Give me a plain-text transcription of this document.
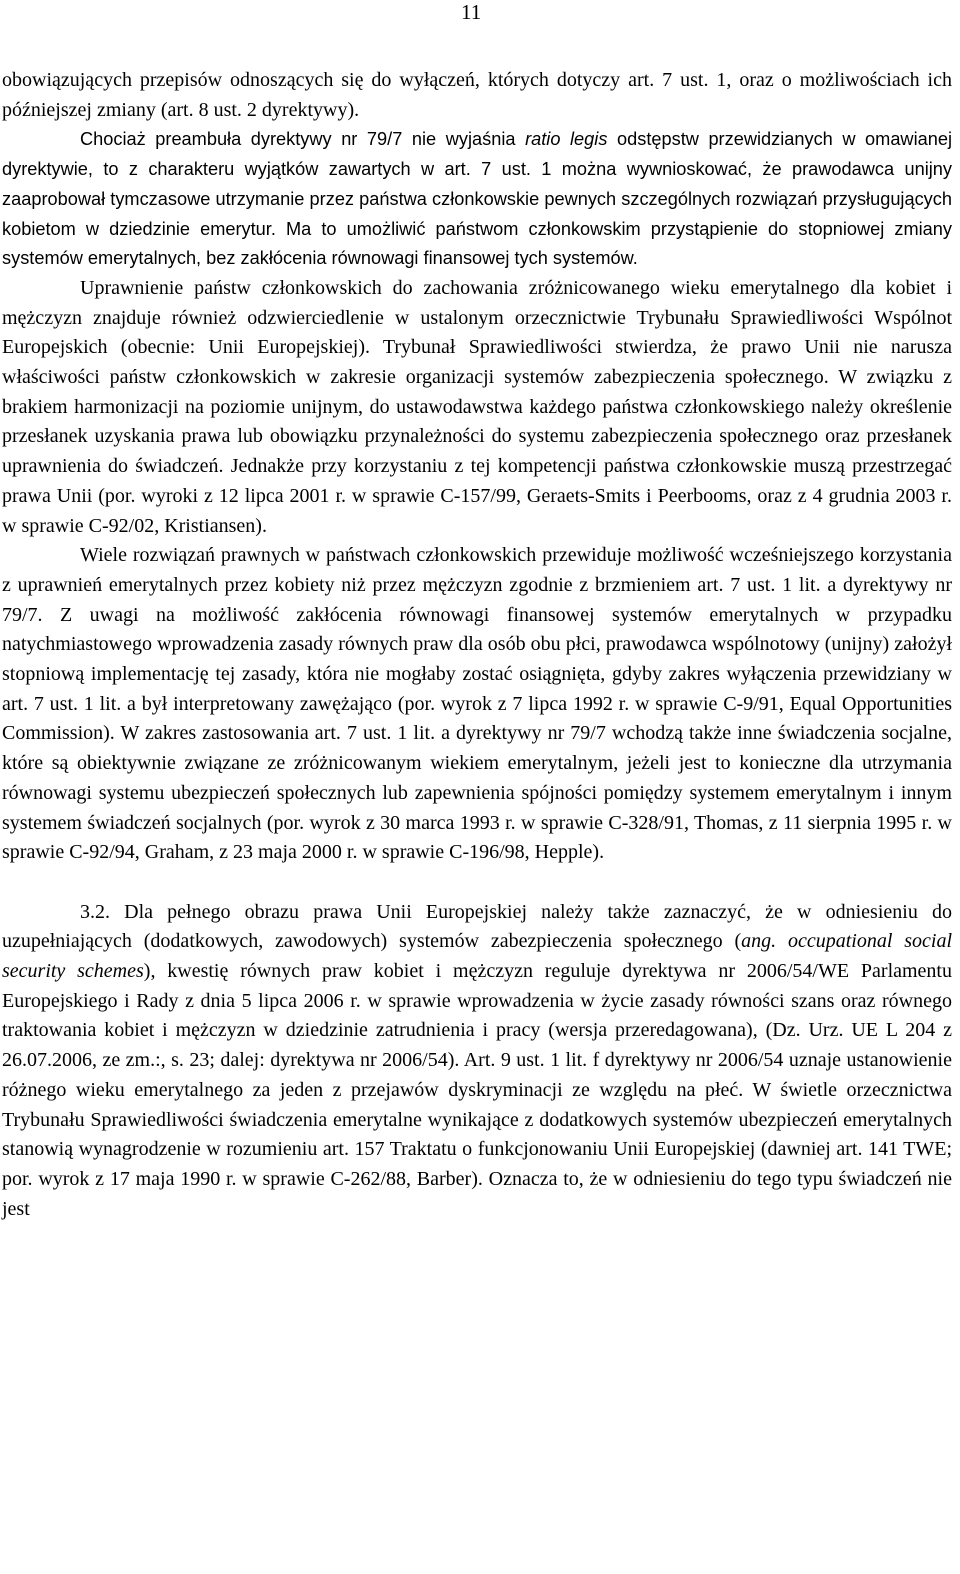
11

obowiązujących przepisów odnoszących się do wyłączeń, których dotyczy art. 7 ust. 1, oraz o możliwościach ich późniejszej zmiany (art. 8 ust. 2 dyrektywy).

Chociaż preambuła dyrektywy nr 79/7 nie wyjaśnia ratio legis odstępstw przewidzianych w omawianej dyrektywie, to z charakteru wyjątków zawartych w art. 7 ust. 1 można wywnioskować, że prawodawca unijny zaaprobował tymczasowe utrzymanie przez państwa członkowskie pewnych szczególnych rozwiązań przysługujących kobietom w dziedzinie emerytur. Ma to umożliwić państwom członkowskim przystąpienie do stopniowej zmiany systemów emerytalnych, bez zakłócenia równowagi finansowej tych systemów.

Uprawnienie państw członkowskich do zachowania zróżnicowanego wieku emerytalnego dla kobiet i mężczyzn znajduje również odzwierciedlenie w ustalonym orzecznictwie Trybunału Sprawiedliwości Wspólnot Europejskich (obecnie: Unii Europejskiej). Trybunał Sprawiedliwości stwierdza, że prawo Unii nie narusza właściwości państw członkowskich w zakresie organizacji systemów zabezpieczenia społecznego. W związku z brakiem harmonizacji na poziomie unijnym, do ustawodawstwa każdego państwa członkowskiego należy określenie przesłanek uzyskania prawa lub obowiązku przynależności do systemu zabezpieczenia społecznego oraz przesłanek uprawnienia do świadczeń. Jednakże przy korzystaniu z tej kompetencji państwa członkowskie muszą przestrzegać prawa Unii (por. wyroki z 12 lipca 2001 r. w sprawie C-157/99, Geraets-Smits i Peerbooms, oraz z 4 grudnia 2003 r. w sprawie C-92/02, Kristiansen).

Wiele rozwiązań prawnych w państwach członkowskich przewiduje możliwość wcześniejszego korzystania z uprawnień emerytalnych przez kobiety niż przez mężczyzn zgodnie z brzmieniem art. 7 ust. 1 lit. a dyrektywy nr 79/7. Z uwagi na możliwość zakłócenia równowagi finansowej systemów emerytalnych w przypadku natychmiastowego wprowadzenia zasady równych praw dla osób obu płci, prawodawca wspólnotowy (unijny) założył stopniową implementację tej zasady, która nie mogłaby zostać osiągnięta, gdyby zakres wyłączenia przewidziany w art. 7 ust. 1 lit. a był interpretowany zawężająco (por. wyrok z 7 lipca 1992 r. w sprawie C-9/91, Equal Opportunities Commission). W zakres zastosowania art. 7 ust. 1 lit. a dyrektywy nr 79/7 wchodzą także inne świadczenia socjalne, które są obiektywnie związane ze zróżnicowanym wiekiem emerytalnym, jeżeli jest to konieczne dla utrzymania równowagi systemu ubezpieczeń społecznych lub zapewnienia spójności pomiędzy systemem emerytalnym i innym systemem świadczeń socjalnych (por. wyrok z 30 marca 1993 r. w sprawie C-328/91, Thomas, z 11 sierpnia 1995 r. w sprawie C-92/94, Graham, z 23 maja 2000 r. w sprawie C-196/98, Hepple).

3.2. Dla pełnego obrazu prawa Unii Europejskiej należy także zaznaczyć, że w odniesieniu do uzupełniających (dodatkowych, zawodowych) systemów zabezpieczenia społecznego (ang. occupational social security schemes), kwestię równych praw kobiet i mężczyzn reguluje dyrektywa nr 2006/54/WE Parlamentu Europejskiego i Rady z dnia 5 lipca 2006 r. w sprawie wprowadzenia w życie zasady równości szans oraz równego traktowania kobiet i mężczyzn w dziedzinie zatrudnienia i pracy (wersja przeredagowana), (Dz. Urz. UE L 204 z 26.07.2006, ze zm.:, s. 23; dalej: dyrektywa nr 2006/54). Art. 9 ust. 1 lit. f dyrektywy nr 2006/54 uznaje ustanowienie różnego wieku emerytalnego za jeden z przejawów dyskryminacji ze względu na płeć. W świetle orzecznictwa Trybunału Sprawiedliwości świadczenia emerytalne wynikające z dodatkowych systemów ubezpieczeń emerytalnych stanowią wynagrodzenie w rozumieniu art. 157 Traktatu o funkcjonowaniu Unii Europejskiej (dawniej art. 141 TWE; por. wyrok z 17 maja 1990 r. w sprawie C-262/88, Barber). Oznacza to, że w odniesieniu do tego typu świadczeń nie jest
